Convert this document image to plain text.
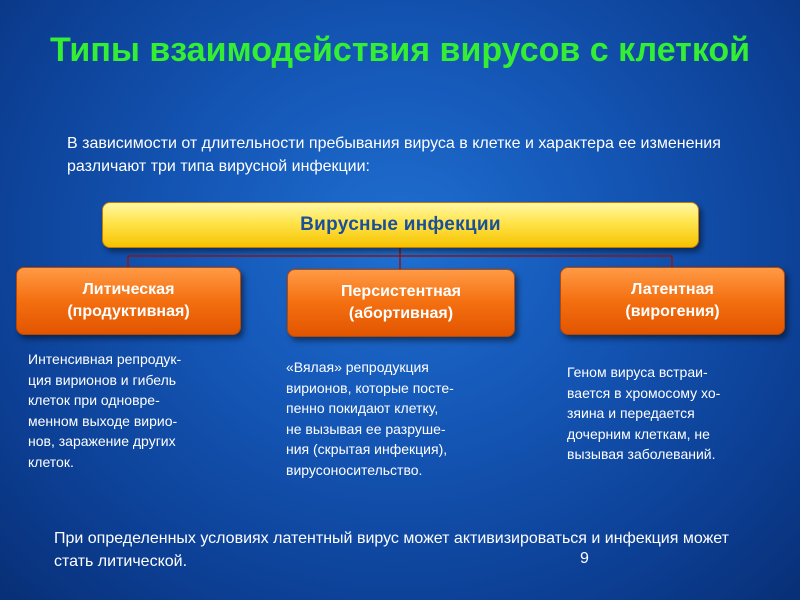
Типы взаимодействия вирусов с клеткой
В зависимости от длительности пребывания вируса в клетке и характера ее изменения различают три типа вирусной инфекции:
Вирусные инфекции
Литическая
(продуктивная)
Персистентная
(абортивная)
Латентная
(вирогения)
Интенсивная репродук-
ция вирионов и гибель
клеток при одновре-
менном выходе вирио-
нов, заражение других
клеток.
«Вялая» репродукция
вирионов, которые посте-
пенно покидают клетку,
не вызывая ее разруше-
ния (скрытая инфекция),
вирусоносительство.
Геном вируса встраи-
вается в хромосому хо-
зяина и передается
дочерним клеткам, не
вызывая заболеваний.
При определенных условиях латентный вирус может активизироваться и инфекция может стать литической.	9
